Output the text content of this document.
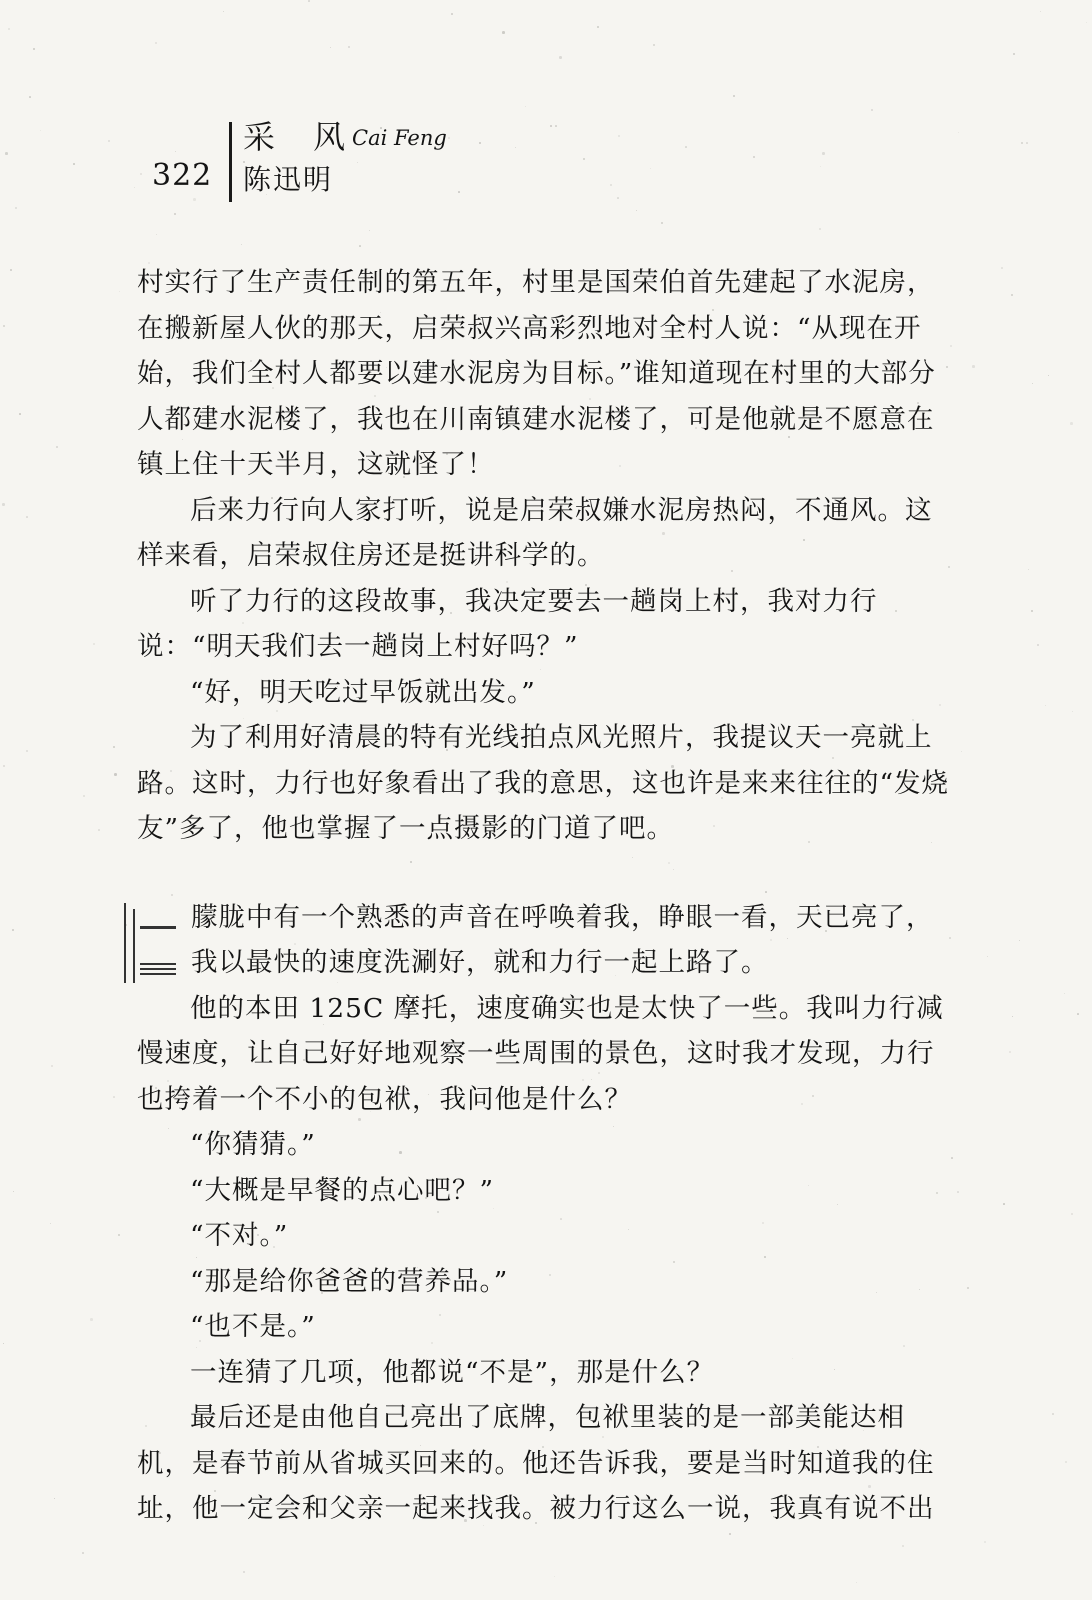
采 风
Cai Feng
322 陈迅明

村实行了生产责任制的第五年，村里是国荣伯首先建起了水泥房，在搬新屋人伙的那天，启荣叔兴高彩烈地对全村人说：“从现在开始，我们全村人都要以建水泥房为目标。”谁知道现在村里的大部分人都建水泥楼了，我也在川南镇建水泥楼了，可是他就是不愿意在镇上住十天半月，这就怪了！

后来力行向人家打听，说是启荣叔嫌水泥房热闷，不通风。这样来看，启荣叔住房还是挺讲科学的。

听了力行的这段故事，我决定要去一趟岗上村，我对力行说：“明天我们去一趟岗上村好吗？”

“好，明天吃过早饭就出发。”

为了利用好清晨的特有光线拍点风光照片，我提议天一亮就上路。这时，力行也好象看出了我的意思，这也许是来来往往的“发烧友”多了，他也掌握了一点摄影的门道了吧。

朦胧中有一个熟悉的声音在呼唤着我，睁眼一看，天已亮了，我以最快的速度洗涮好，就和力行一起上路了。

他的本田 125C 摩托，速度确实也是太快了一些。我叫力行减慢速度，让自己好好地观察一些周围的景色，这时我才发现，力行也挎着一个不小的包袱，我问他是什么？

“你猜猜。”

“大概是早餐的点心吧？”

“不对。”

“那是给你爸爸的营养品。”

“也不是。”

一连猜了几项，他都说“不是”，那是什么？

最后还是由他自己亮出了底牌，包袱里装的是一部美能达相机，是春节前从省城买回来的。他还告诉我，要是当时知道我的住址，他一定会和父亲一起来找我。被力行这么一说，我真有说不出
